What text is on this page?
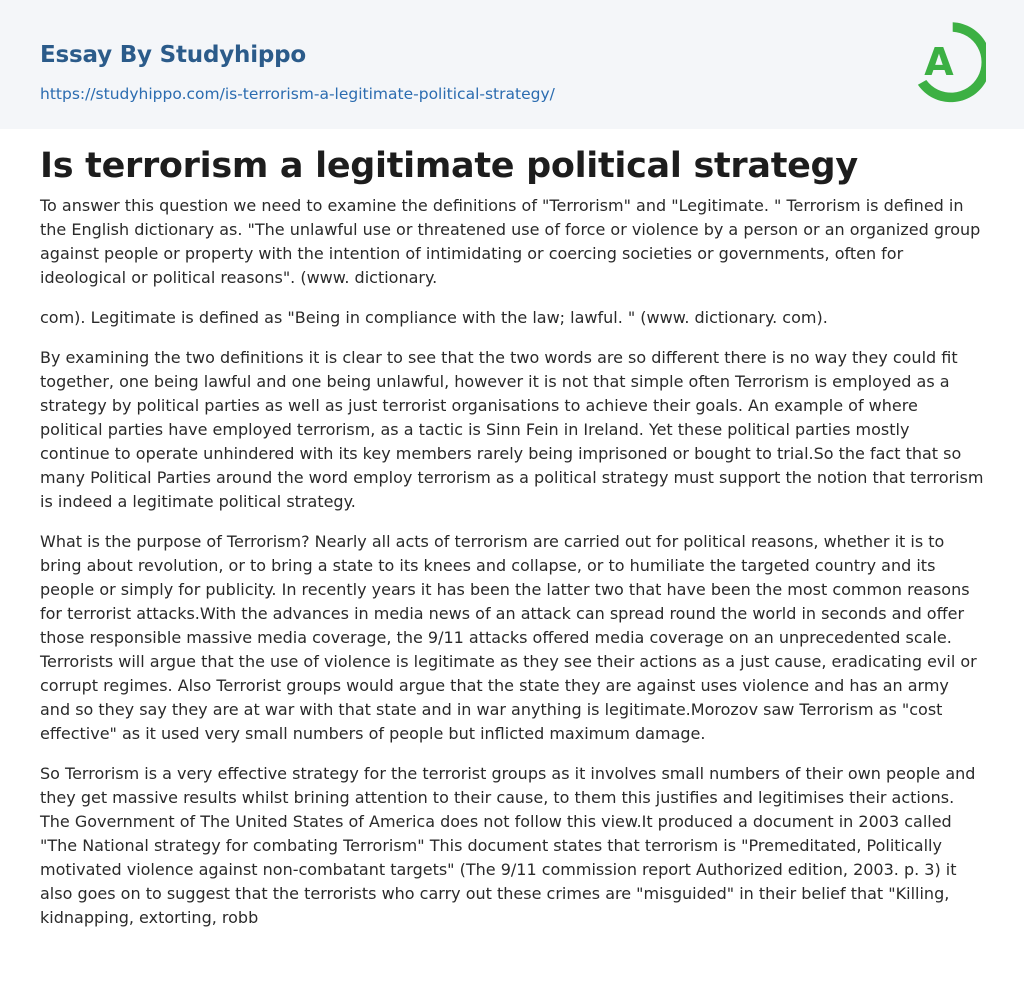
Essay By Studyhippo
https://studyhippo.com/is-terrorism-a-legitimate-political-strategy/
A
Is terrorism a legitimate political strategy

To answer this question we need to examine the definitions of "Terrorism" and "Legitimate. " Terrorism is defined in the English dictionary as. "The unlawful use or threatened use of force or violence by a person or an organized group against people or property with the intention of intimidating or coercing societies or governments, often for ideological or political reasons". (www. dictionary.

com). Legitimate is defined as "Being in compliance with the law; lawful. " (www. dictionary. com).

By examining the two definitions it is clear to see that the two words are so different there is no way they could fit together, one being lawful and one being unlawful, however it is not that simple often Terrorism is employed as a strategy by political parties as well as just terrorist organisations to achieve their goals. An example of where political parties have employed terrorism, as a tactic is Sinn Fein in Ireland. Yet these political parties mostly continue to operate unhindered with its key members rarely being imprisoned or bought to trial.So the fact that so many Political Parties around the word employ terrorism as a political strategy must support the notion that terrorism is indeed a legitimate political strategy.

What is the purpose of Terrorism? Nearly all acts of terrorism are carried out for political reasons, whether it is to bring about revolution, or to bring a state to its knees and collapse, or to humiliate the targeted country and its people or simply for publicity. In recently years it has been the latter two that have been the most common reasons for terrorist attacks.With the advances in media news of an attack can spread round the world in seconds and offer those responsible massive media coverage, the 9/11 attacks offered media coverage on an unprecedented scale. Terrorists will argue that the use of violence is legitimate as they see their actions as a just cause, eradicating evil or corrupt regimes. Also Terrorist groups would argue that the state they are against uses violence and has an army and so they say they are at war with that state and in war anything is legitimate.Morozov saw Terrorism as "cost effective" as it used very small numbers of people but inflicted maximum damage.

So Terrorism is a very effective strategy for the terrorist groups as it involves small numbers of their own people and they get massive results whilst brining attention to their cause, to them this justifies and legitimises their actions. The Government of The United States of America does not follow this view.It produced a document in 2003 called "The National strategy for combating Terrorism" This document states that terrorism is "Premeditated, Politically motivated violence against non-combatant targets" (The 9/11 commission report Authorized edition, 2003. p. 3) it also goes on to suggest that the terrorists who carry out these crimes are "misguided" in their belief that "Killing, kidnapping, extorting, robb
